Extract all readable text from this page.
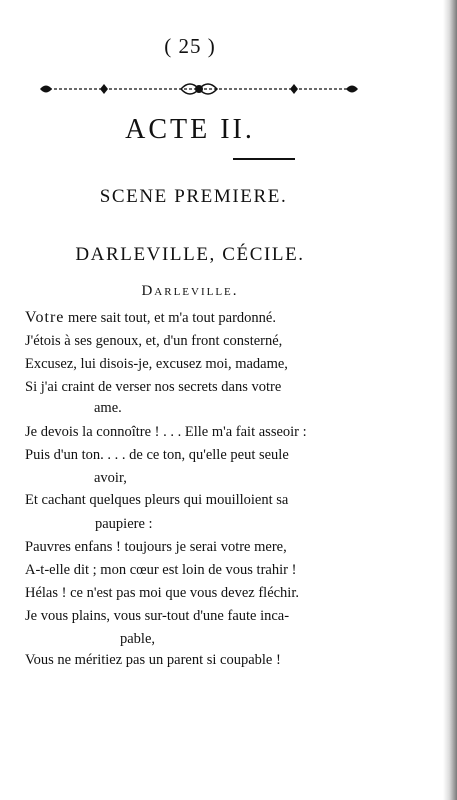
( 25 )
ACTE II.
SCENE PREMIERE.
DARLEVILLE, CÉCILE.
Darleville.
Votre mere sait tout, et m'a tout pardonné.
J'étois à ses genoux, et, d'un front consterné,
Excusez, lui disois-je, excusez moi, madame,
Si j'ai craint de verser nos secrets dans votre
ame.
Je devois la connoître ! . . . Elle m'a fait asseoir :
Puis d'un ton. . . . de ce ton, qu'elle peut seule
avoir,
Et cachant quelques pleurs qui mouilloient sa
paupiere :
Pauvres enfans ! toujours je serai votre mere,
A-t-elle dit ; mon cœur est loin de vous trahir !
Hélas ! ce n'est pas moi que vous devez fléchir.
Je vous plains, vous sur-tout d'une faute inca-
pable,
Vous ne méritiez pas un parent si coupable !
